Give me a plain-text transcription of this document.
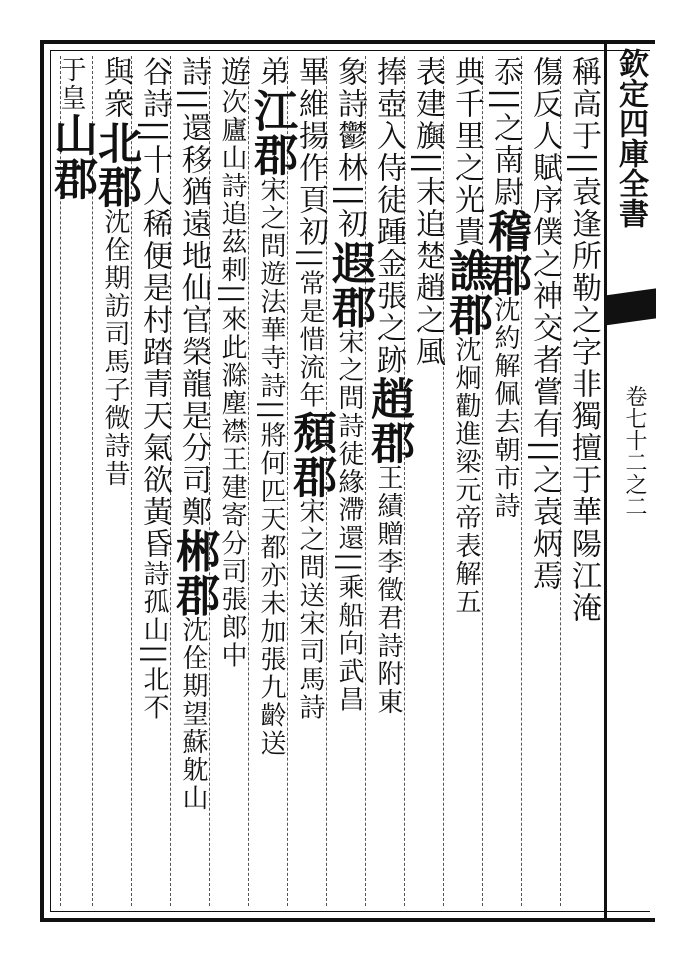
欽定四庫全書
卷七十二之二
稱高于||袁逢所勒之字非獨擅于華陽江淹
傷反人賦序僕之神交者嘗有||之袁炳焉
忝||之南尉稽郡沈約解佩去朝市詩
典千里之光貴譙郡沈炯勸進梁元帝表解五
表建旟||末追楚趙之風
捧壺入侍徒踵金張之跡趙郡王績贈李徵君詩附東
象詩鬱林||初遐郡宋之問詩徒緣滯還||乘船向武昌
畢維揚作頁初||常是惜流年頹郡宋之問送宋司馬詩
弟江郡宋之問遊法華寺詩||將何匹天都亦未加張九齡送
遊次廬山詩追茲剌||來此滁塵襟王建寄分司張郎中
詩||還移猶遠地仙官榮龍是分司鄭郴郡沈佺期望蘇躭山
谷詩||十人稀便是村踏青天氣欲黃昏詩孤山||北不
與衆北郡沈佺期訪司馬子微詩昔
于皇山郡
